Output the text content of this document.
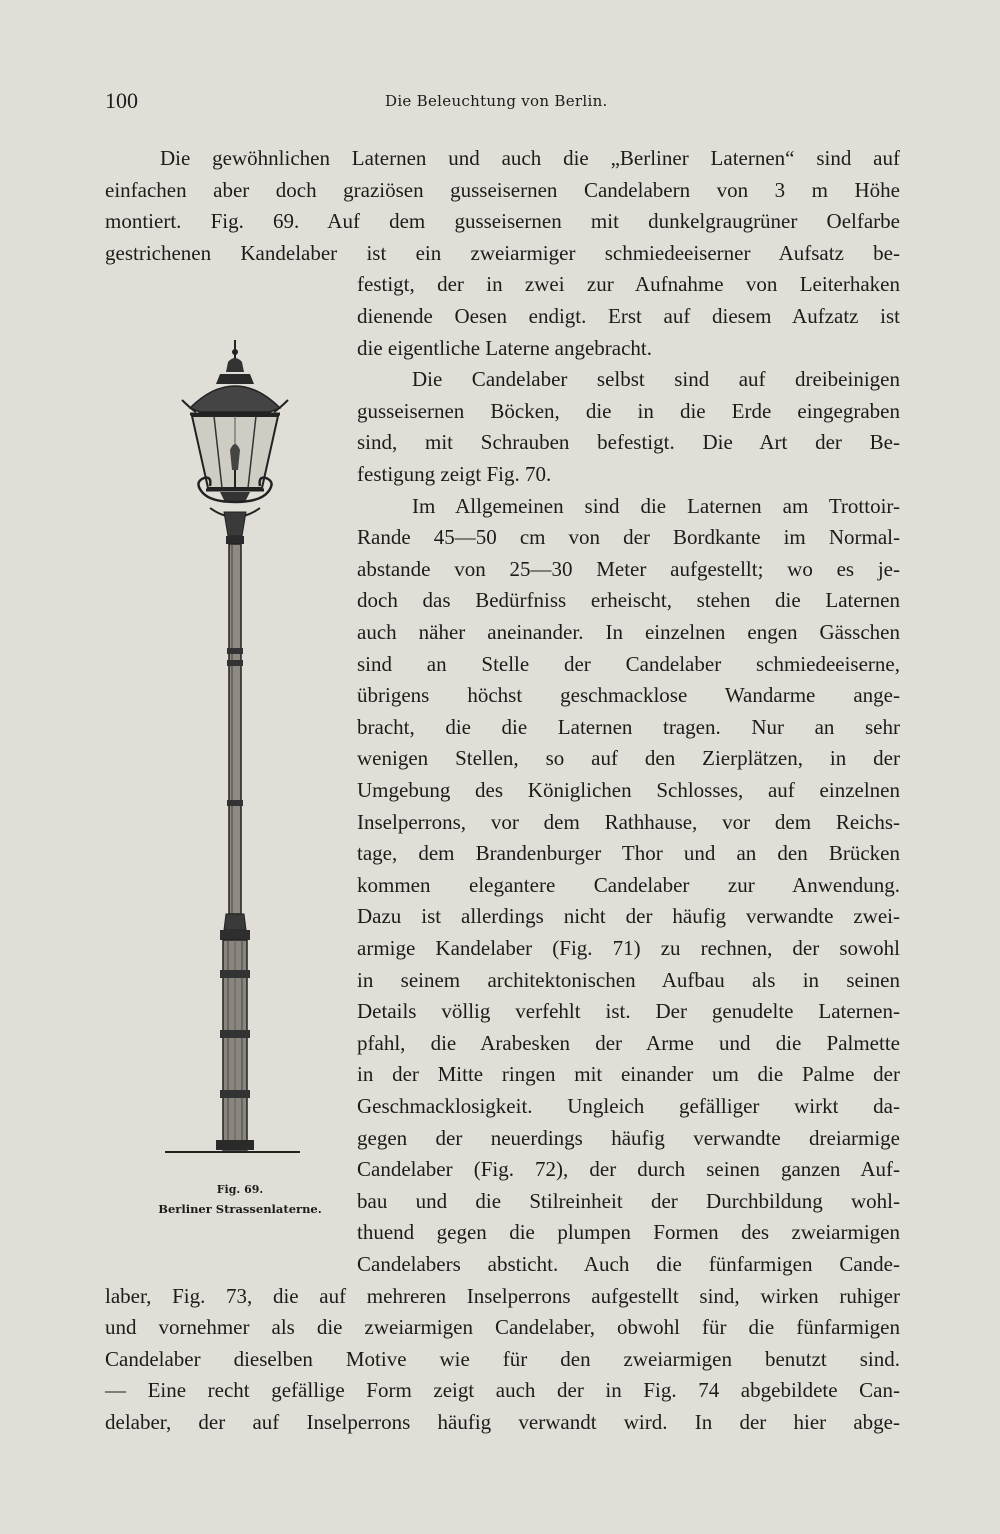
100	Die Beleuchtung von Berlin.
Die gewöhnlichen Laternen und auch die „Berliner Laternen“ sind auf
einfachen aber doch graziösen gusseisernen Candelabern von 3 m Höhe
montiert. Fig. 69. Auf dem gusseisernen mit dunkelgraugrüner Oelfarbe
gestrichenen Kandelaber ist ein zweiarmiger schmiedeeiserner Aufsatz be-
festigt, der in zwei zur Aufnahme von Leiterhaken
dienende Oesen endigt. Erst auf diesem Aufzatz ist
die eigentliche Laterne angebracht.
Die Candelaber selbst sind auf dreibeinigen
gusseisernen Böcken, die in die Erde eingegraben
sind, mit Schrauben befestigt. Die Art der Be-
festigung zeigt Fig. 70.
Im Allgemeinen sind die Laternen am Trottoir-
Rande 45—50 cm von der Bordkante im Normal-
abstande von 25—30 Meter aufgestellt; wo es je-
doch das Bedürfniss erheischt, stehen die Laternen
auch näher aneinander. In einzelnen engen Gässchen
sind an Stelle der Candelaber schmiedeeiserne,
übrigens höchst geschmacklose Wandarme ange-
bracht, die die Laternen tragen. Nur an sehr
wenigen Stellen, so auf den Zierplätzen, in der
Umgebung des Königlichen Schlosses, auf einzelnen
Inselperrons, vor dem Rathhause, vor dem Reichs-
tage, dem Brandenburger Thor und an den Brücken
kommen elegantere Candelaber zur Anwendung.
Dazu ist allerdings nicht der häufig verwandte zwei-
armige Kandelaber (Fig. 71) zu rechnen, der sowohl
in seinem architektonischen Aufbau als in seinen
Details völlig verfehlt ist. Der genudelte Laternen-
pfahl, die Arabesken der Arme und die Palmette
in der Mitte ringen mit einander um die Palme der
Geschmacklosigkeit. Ungleich gefälliger wirkt da-
gegen der neuerdings häufig verwandte dreiarmige
Candelaber (Fig. 72), der durch seinen ganzen Auf-
bau und die Stilreinheit der Durchbildung wohl-
thuend gegen die plumpen Formen des zweiarmigen
Candelabers absticht. Auch die fünfarmigen Cande-
laber, Fig. 73, die auf mehreren Inselperrons aufgestellt sind, wirken ruhiger
und vornehmer als die zweiarmigen Candelaber, obwohl für die fünfarmigen
Candelaber dieselben Motive wie für den zweiarmigen benutzt sind.
— Eine recht gefällige Form zeigt auch der in Fig. 74 abgebildete Can-
delaber, der auf Inselperrons häufig verwandt wird. In der hier abge-
Fig. 69.
Berliner Strassenlaterne.
